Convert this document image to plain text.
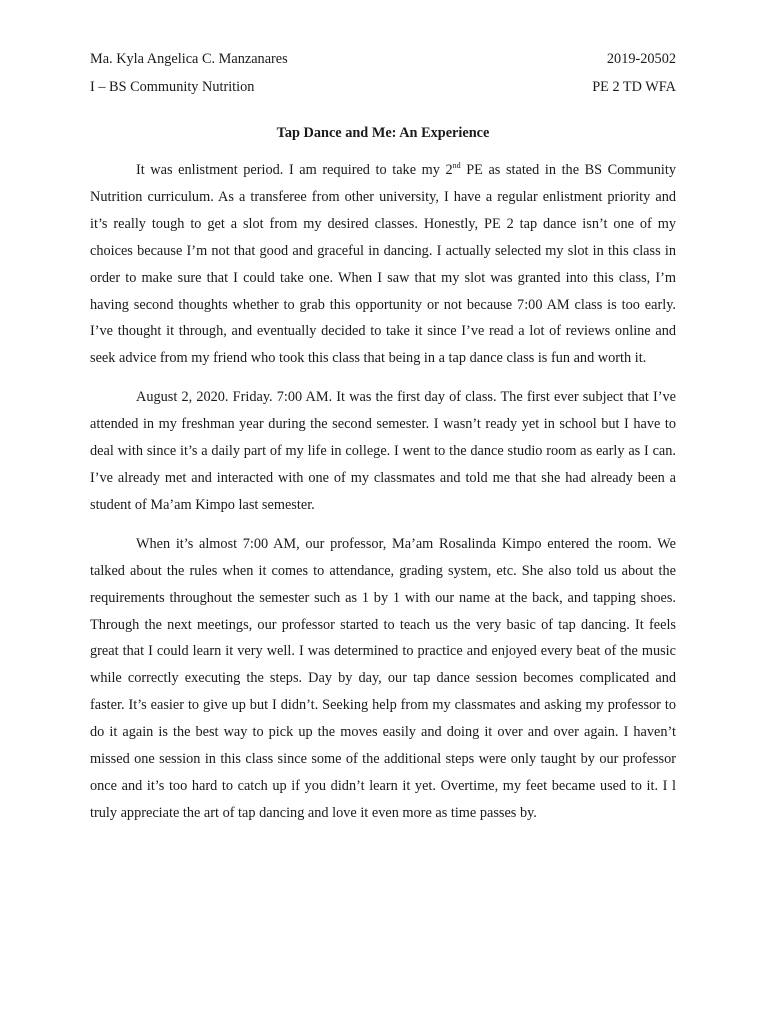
Ma. Kyla Angelica C. Manzanares	2019-20502
I – BS Community Nutrition	PE 2 TD WFA
Tap Dance and Me: An Experience

It was enlistment period. I am required to take my 2nd PE as stated in the BS Community Nutrition curriculum. As a transferee from other university, I have a regular enlistment priority and it’s really tough to get a slot from my desired classes. Honestly, PE 2 tap dance isn’t one of my choices because I’m not that good and graceful in dancing. I actually selected my slot in this class in order to make sure that I could take one. When I saw that my slot was granted into this class, I’m having second thoughts whether to grab this opportunity or not because 7:00 AM class is too early. I’ve thought it through, and eventually decided to take it since I’ve read a lot of reviews online and seek advice from my friend who took this class that being in a tap dance class is fun and worth it.

August 2, 2020. Friday. 7:00 AM. It was the first day of class. The first ever subject that I’ve attended in my freshman year during the second semester. I wasn’t ready yet in school but I have to deal with since it’s a daily part of my life in college. I went to the dance studio room as early as I can. I’ve already met and interacted with one of my classmates and told me that she had already been a student of Ma’am Kimpo last semester.

When it’s almost 7:00 AM, our professor, Ma’am Rosalinda Kimpo entered the room. We talked about the rules when it comes to attendance, grading system, etc. She also told us about the requirements throughout the semester such as 1 by 1 with our name at the back, and tapping shoes. Through the next meetings, our professor started to teach us the very basic of tap dancing. It feels great that I could learn it very well. I was determined to practice and enjoyed every beat of the music while correctly executing the steps. Day by day, our tap dance session becomes complicated and faster. It’s easier to give up but I didn’t. Seeking help from my classmates and asking my professor to do it again is the best way to pick up the moves easily and doing it over and over again. I haven’t missed one session in this class since some of the additional steps were only taught by our professor once and it’s too hard to catch up if you didn’t learn it yet. Overtime, my feet became used to it. I l truly appreciate the art of tap dancing and love it even more as time passes by.
